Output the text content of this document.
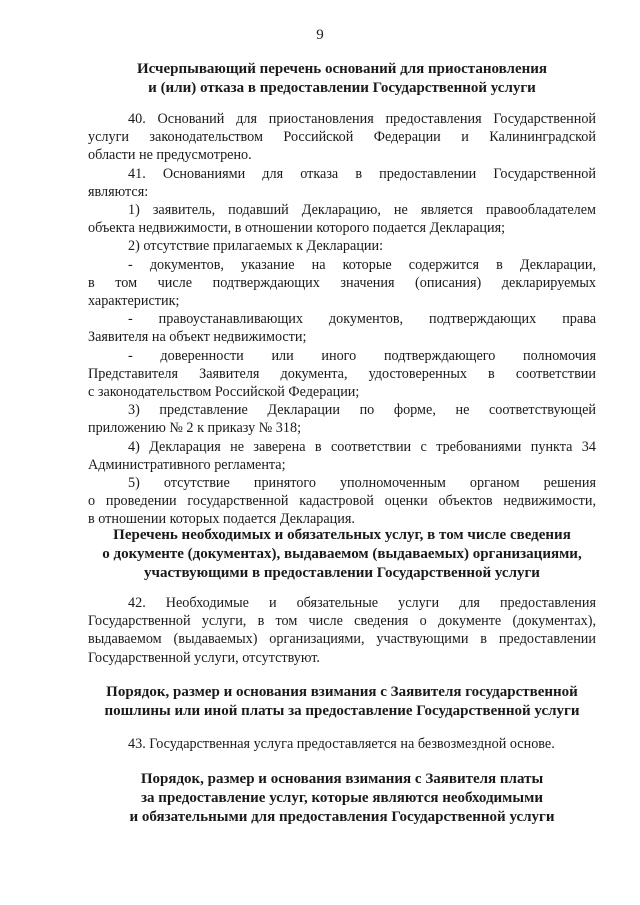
9
Исчерпывающий перечень оснований для приостановления
и (или) отказа в предоставлении Государственной услуги
40. Оснований для приостановления предоставления Государственной
услуги законодательством Российской Федерации и Калининградской
области не предусмотрено.
41. Основаниями для отказа в предоставлении Государственной
являются:
1) заявитель, подавший Декларацию, не является правообладателем
объекта недвижимости, в отношении которого подается Декларация;
2) отсутствие прилагаемых к Декларации:
- документов, указание на которые содержится в Декларации,
в том числе подтверждающих значения (описания) декларируемых
характеристик;
- правоустанавливающих документов, подтверждающих права
Заявителя на объект недвижимости;
- доверенности или иного подтверждающего полномочия
Представителя Заявителя документа, удостоверенных в соответствии
с законодательством Российской Федерации;
3) представление Декларации по форме, не соответствующей
приложению № 2 к приказу № 318;
4) Декларация не заверена в соответствии с требованиями пункта 34
Административного регламента;
5) отсутствие принятого уполномоченным органом решения
о проведении государственной кадастровой оценки объектов недвижимости,
в отношении которых подается Декларация.
Перечень необходимых и обязательных услуг, в том числе сведения
о документе (документах), выдаваемом (выдаваемых) организациями,
участвующими в предоставлении Государственной услуги
42. Необходимые и обязательные услуги для предоставления
Государственной услуги, в том числе сведения о документе (документах),
выдаваемом (выдаваемых) организациями, участвующими в предоставлении
Государственной услуги, отсутствуют.
Порядок, размер и основания взимания с Заявителя государственной
пошлины или иной платы за предоставление Государственной услуги
43. Государственная услуга предоставляется на безвозмездной основе.
Порядок, размер и основания взимания с Заявителя платы
за предоставление услуг, которые являются необходимыми
и обязательными для предоставления Государственной услуги
